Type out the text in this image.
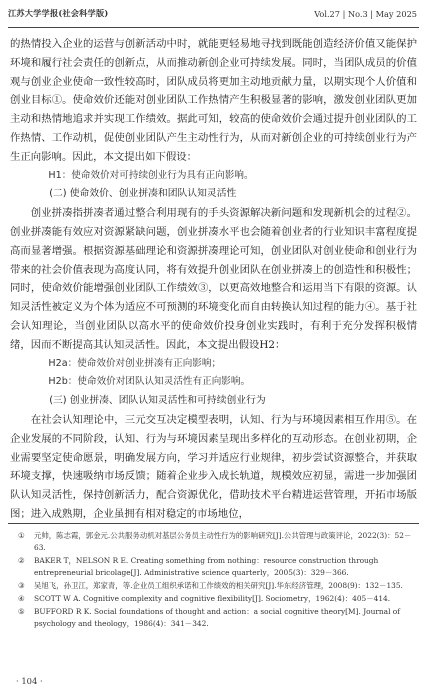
江苏大学学报(社会科学版)	Vol.27 | No.3 | May 2025

的热情投入企业的运营与创新活动中时，就能更轻易地寻找到既能创造经济价值又能保护环境和履行社会责任的创新点，从而推动新创企业可持续发展。同时，当团队成员的价值观与创业企业使命一致性较高时，团队成员将更加主动地贡献力量，以期实现个人价值和创业目标①。使命效价还能对创业团队工作热情产生积极显著的影响，激发创业团队更加主动和热情地追求并实现工作绩效。据此可知，较高的使命效价会通过提升创业团队的工作热情、工作动机，促使创业团队产生主动性行为，从而对新创企业的可持续创业行为产生正向影响。因此，本文提出如下假设：

H1：使命效价对可持续创业行为具有正向影响。

(二) 使命效价、创业拼凑和团队认知灵活性

创业拼凑指拼凑者通过整合利用现有的手头资源解决新问题和发现新机会的过程②。创业拼凑能有效应对资源紧缺问题，创业拼凑水平也会随着创业者的行业知识丰富程度提高而显著增强。根据资源基础理论和资源拼凑理论可知，创业团队对创业使命和创业行为带来的社会价值表现为高度认同，将有效提升创业团队在创业拼凑上的创造性和积极性；同时，使命效价能增强创业团队工作绩效③，以更高效地整合和运用当下有限的资源。认知灵活性被定义为个体为适应不可预测的环境变化而自由转换认知过程的能力④。基于社会认知理论，当创业团队以高水平的使命效价投身创业实践时，有利于充分发挥积极情绪，因而不断提高其认知灵活性。因此，本文提出假设H2：

H2a：使命效价对创业拼凑有正向影响；

H2b：使命效价对团队认知灵活性有正向影响。

(三) 创业拼凑、团队认知灵活性和可持续创业行为

在社会认知理论中，三元交互决定模型表明，认知、行为与环境因素相互作用⑤。在企业发展的不同阶段，认知、行为与环境因素呈现出多样化的互动形态。在创业初期，企业需要坚定使命愿景，明确发展方向，学习并适应行业规律，初步尝试资源整合，并获取环境支撑，快速吸纳市场反馈；随着企业步入成长轨道，规模效应初显，需进一步加强团队认知灵活性，保持创新活力，配合资源优化，借助技术平台精进运营管理，开拓市场版图；进入成熟期，企业虽拥有相对稳定的市场地位，

① 元帅，陈志霞，郭金元.公共服务动机对基层公务员主动性行为的影响研究[J].公共管理与政策评论，2022(3)：52－63.
② BAKER T，NELSON R E. Creating something from nothing：resource construction through entrepreneurial bricolage[J]. Administrative science quarterly，2005(3)：329－366.
③ 吴旭飞，孙卫江，郑家青，等.企业员工组织承诺和工作绩效的相关研究[J].华东经济管理，2008(9)：132－135.
④ SCOTT W A. Cognitive complexity and cognitive flexibility[J]. Sociometry，1962(4)：405－414.
⑤ BUFFORD R K. Social foundations of thought and action：a social cognitive theory[M]. Journal of psychology and theology，1986(4)：341－342.
· 104 ·
